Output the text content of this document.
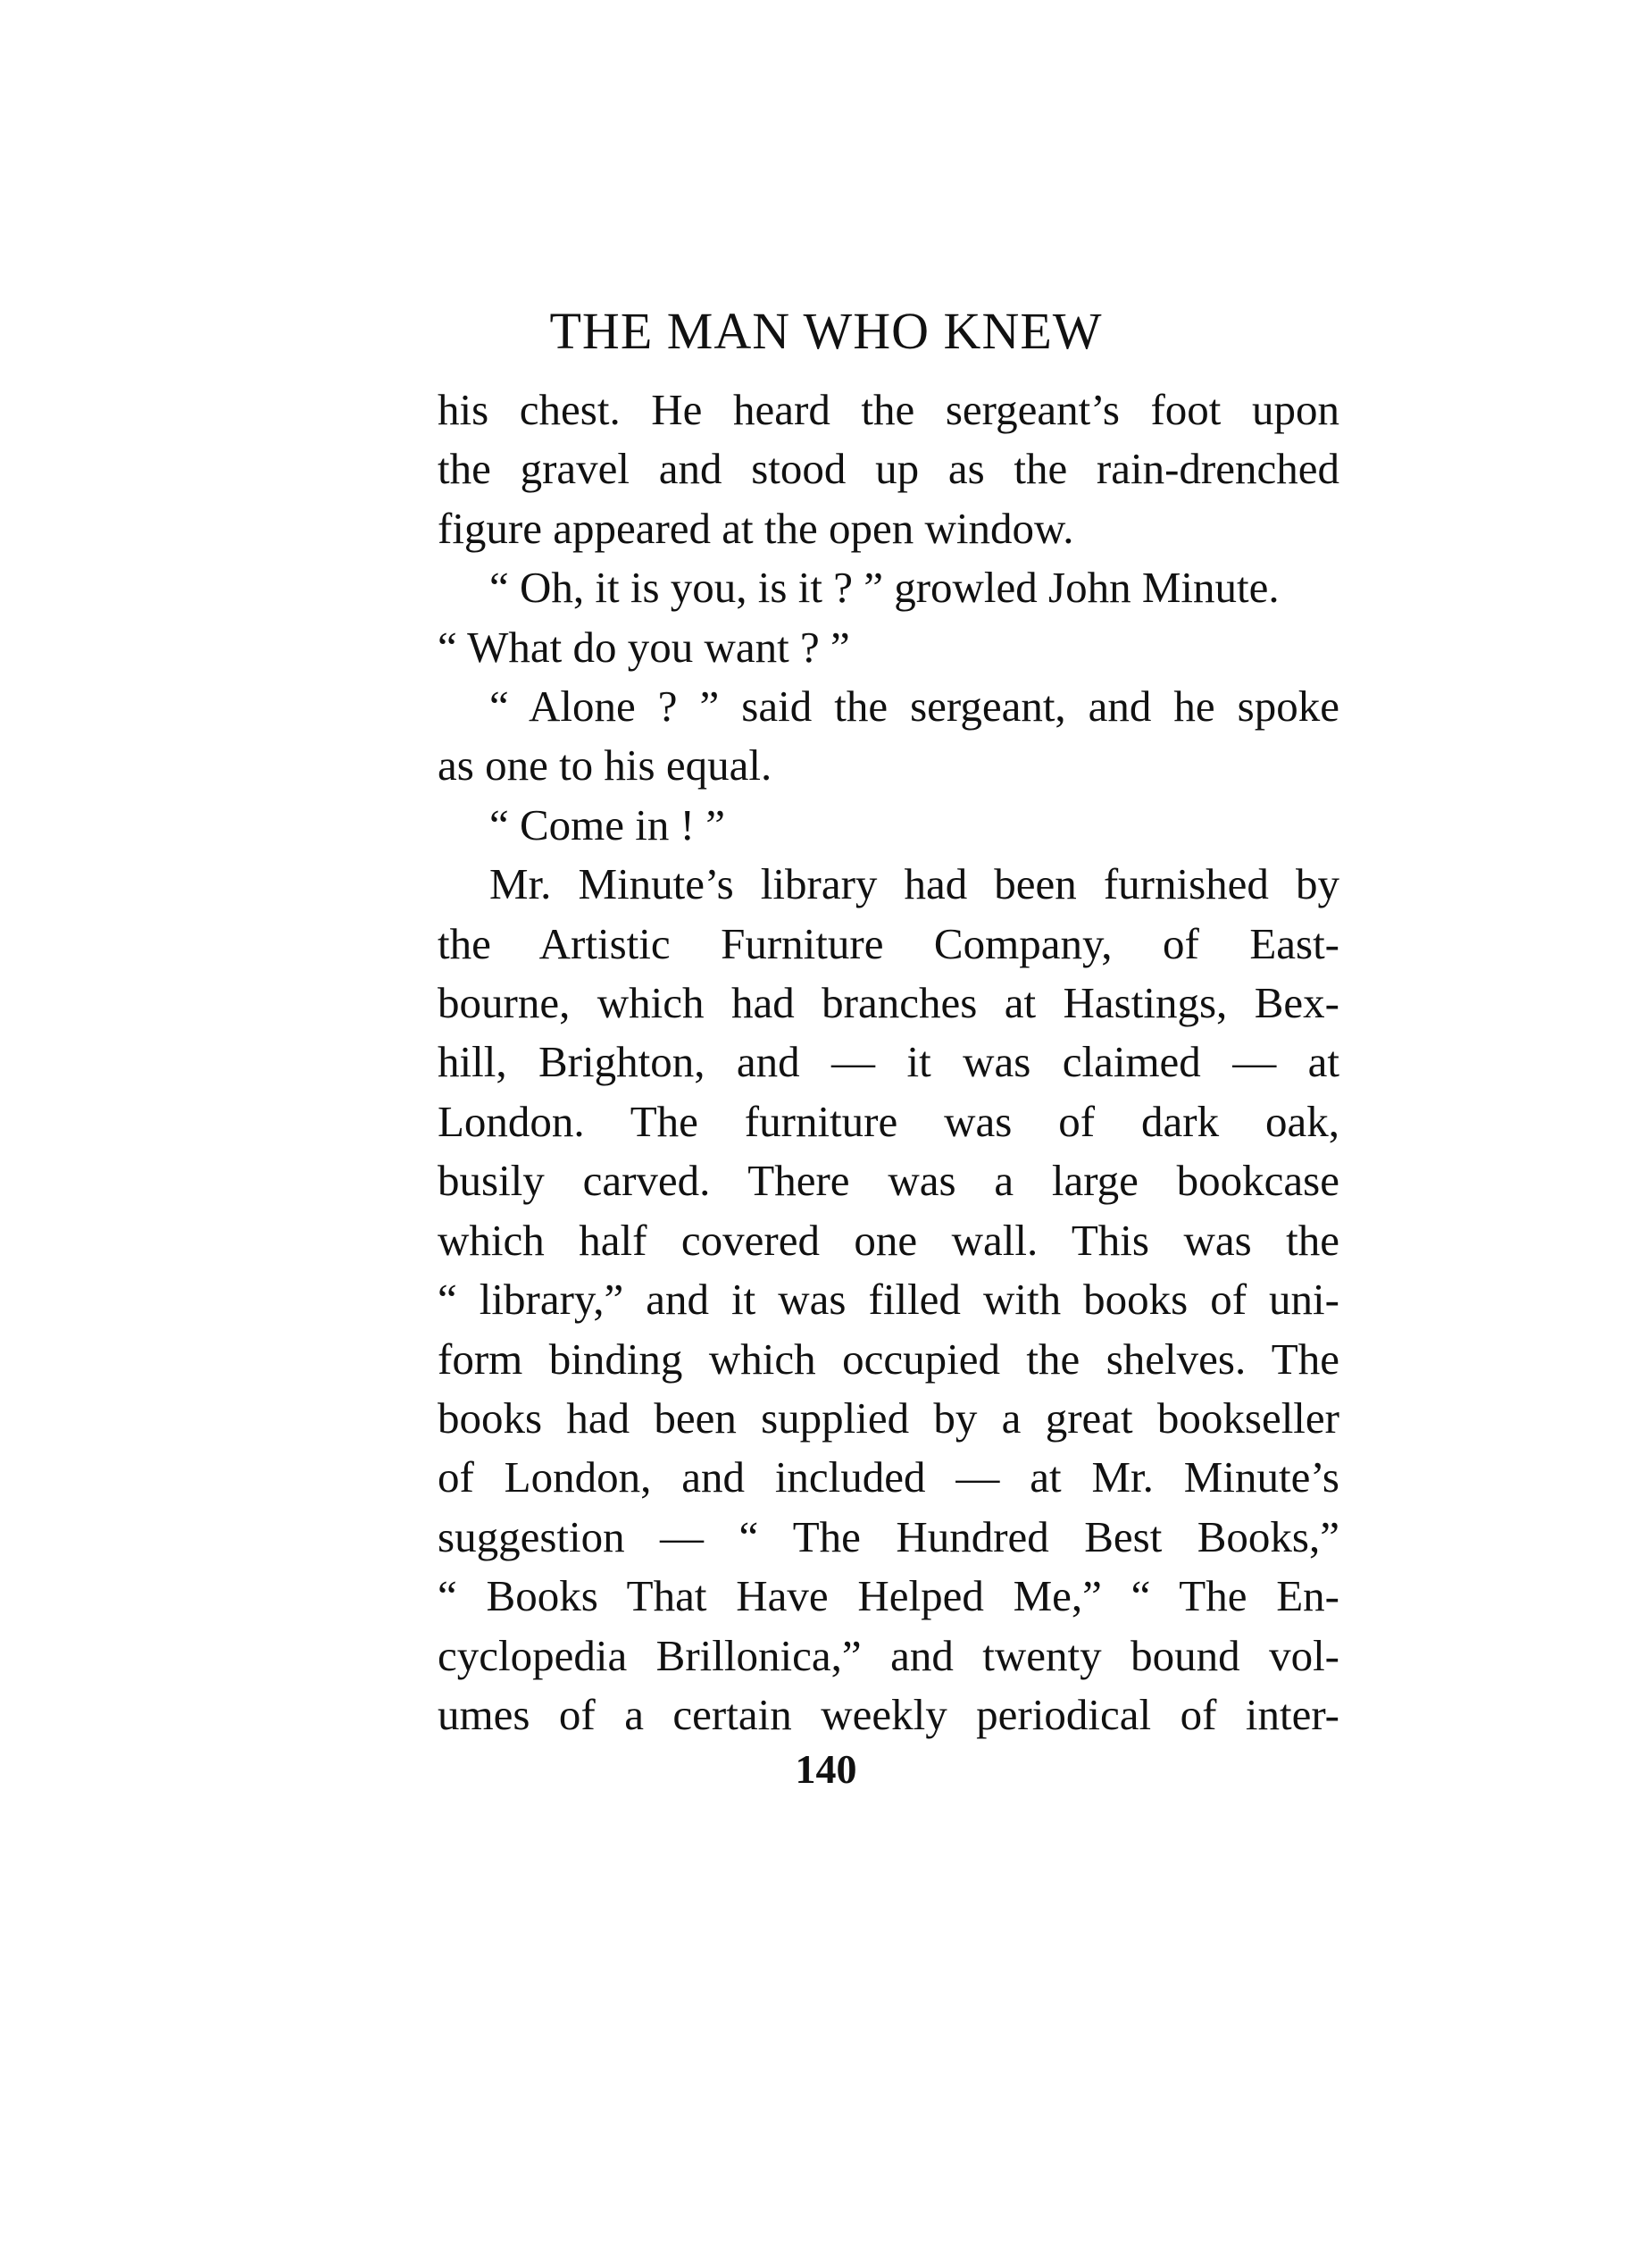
THE MAN WHO KNEW
his chest. He heard the sergeant’s foot upon
the gravel and stood up as the rain-drenched
figure appeared at the open window.
“ Oh, it is you, is it ? ” growled John Minute.
“ What do you want ? ”
“ Alone ? ” said the sergeant, and he spoke
as one to his equal.
“ Come in ! ”
Mr. Minute’s library had been furnished by
the Artistic Furniture Company, of East-
bourne, which had branches at Hastings, Bex-
hill, Brighton, and — it was claimed — at
London. The furniture was of dark oak,
busily carved. There was a large bookcase
which half covered one wall. This was the
“ library,” and it was filled with books of uni-
form binding which occupied the shelves. The
books had been supplied by a great bookseller
of London, and included — at Mr. Minute’s
suggestion — “ The Hundred Best Books,”
“ Books That Have Helped Me,” “ The En-
cyclopedia Brillonica,” and twenty bound vol-
umes of a certain weekly periodical of inter-
140
